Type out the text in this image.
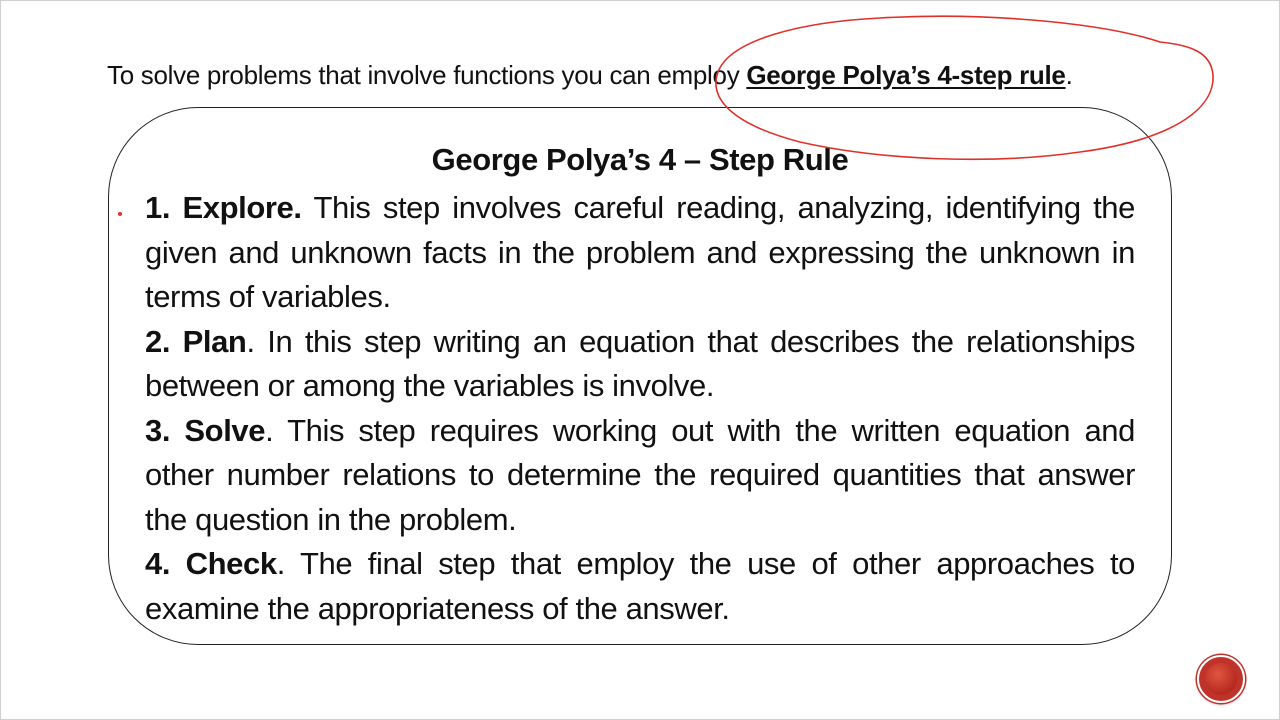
To solve problems that involve functions you can employ George Polya’s 4-step rule.

George Polya’s 4 – Step Rule

1. Explore. This step involves careful reading, analyzing, identifying the given and unknown facts in the problem and expressing the unknown in terms of variables.

2. Plan. In this step writing an equation that describes the relationships between or among the variables is involve.

3. Solve. This step requires working out with the written equation and other number relations to determine the required quantities that answer the question in the problem.

4. Check. The final step that employ the use of other approaches to examine the appropriateness of the answer.
